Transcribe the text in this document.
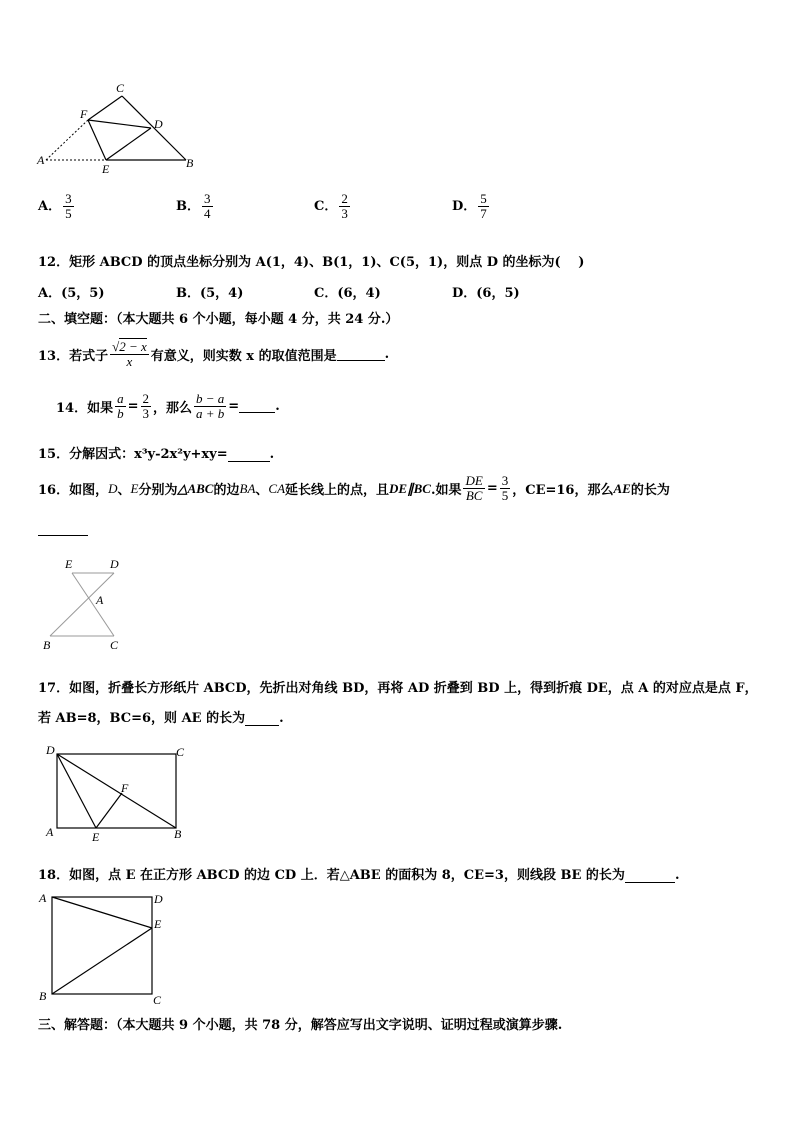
C
F
D
A
E	B
A． $\frac{3}{5}$	B． $\frac{3}{4}$	C． $\frac{2}{3}$	D． $\frac{5}{7}$
12．矩形 ABCD 的顶点坐标分别为 A(1，4)、B(1，1)、C(5，1)，则点 D 的坐标为(　 )
A．(5，5)	B．(5，4)	C．(6，4)	D．(6，5)
二、填空题：（本大题共 6 个小题，每小题 4 分，共 24 分.）
13．若式子 $\frac{√2 - x}{x}$ 有意义，则实数 x 的取值范围是	.
14．如果 $\frac{a}{b} = \frac{2}{3}$ ，那么 $\frac{b - a}{a + b}$ =	.
15．分解因式：x³y-2x²y+xy=	.
16．如图， D 、 E 分别为 △ABC 的边 BA 、 CA 延长线上的点，且 DE∥BC .如果 $\frac{DE}{BC} = \frac{3}{5}$ ，CE=16，那么 AE 的长为
E	D
A
B	C
17．如图，折叠长方形纸片 ABCD，先折出对角线 BD，再将 AD 折叠到 BD 上，得到折痕 DE，点 A 的对应点是点 F，
若 AB=8，BC=6，则 AE 的长为	.
D	C
F
A	E	B
18．如图，点 E 在正方形 ABCD 的边 CD 上．若△ABE 的面积为 8，CE=3，则线段 BE 的长为	.
A	D
E
B	C
三、解答题：（本大题共 9 个小题，共 78 分，解答应写出文字说明、证明过程或演算步骤.
